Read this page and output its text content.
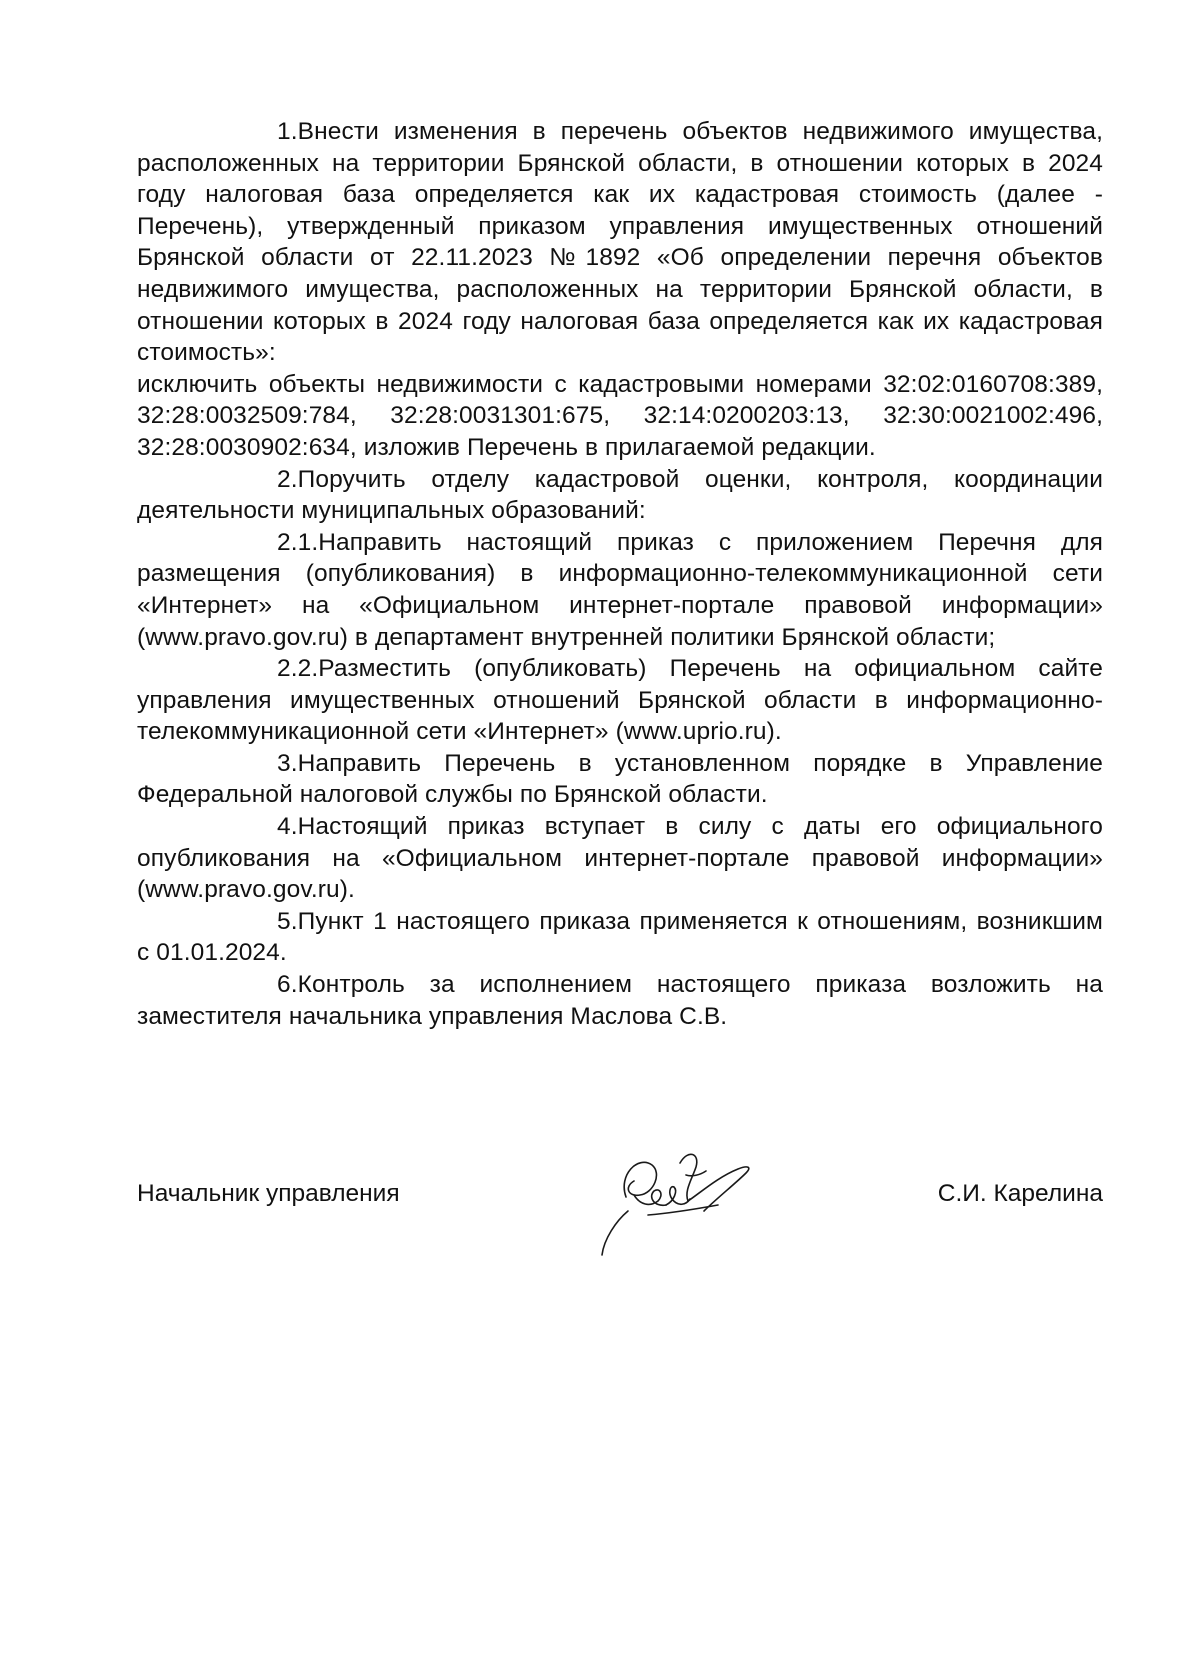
1.Внести изменения в перечень объектов недвижимого имущества, расположенных на территории Брянской области, в отношении которых в 2024 году налоговая база определяется как их кадастровая стоимость (далее - Перечень), утвержденный приказом управления имущественных отношений Брянской области от 22.11.2023 №1892 «Об определении перечня объектов недвижимого имущества, расположенных на территории Брянской области, в отношении которых в 2024 году налоговая база определяется как их кадастровая стоимость»:

исключить объекты недвижимости с кадастровыми номерами 32:02:0160708:389, 32:28:0032509:784, 32:28:0031301:675, 32:14:0200203:13, 32:30:0021002:496, 32:28:0030902:634, изложив Перечень в прилагаемой редакции.

2.Поручить отделу кадастровой оценки, контроля, координации деятельности муниципальных образований:

2.1.Направить настоящий приказ с приложением Перечня для размещения (опубликования) в информационно-телекоммуникационной сети «Интернет» на «Официальном интернет-портале правовой информации» (www.pravo.gov.ru) в департамент внутренней политики Брянской области;

2.2.Разместить (опубликовать) Перечень на официальном сайте управления имущественных отношений Брянской области в информационно-телекоммуникационной сети «Интернет» (www.uprio.ru).

3.Направить Перечень в установленном порядке в Управление Федеральной налоговой службы по Брянской области.

4.Настоящий приказ вступает в силу с даты его официального опубликования на «Официальном интернет-портале правовой информации» (www.pravo.gov.ru).

5.Пункт 1 настоящего приказа применяется к отношениям, возникшим с 01.01.2024.

6.Контроль за исполнением настоящего приказа возложить на заместителя начальника управления Маслова С.В.

Начальник управления	С.И. Карелина
